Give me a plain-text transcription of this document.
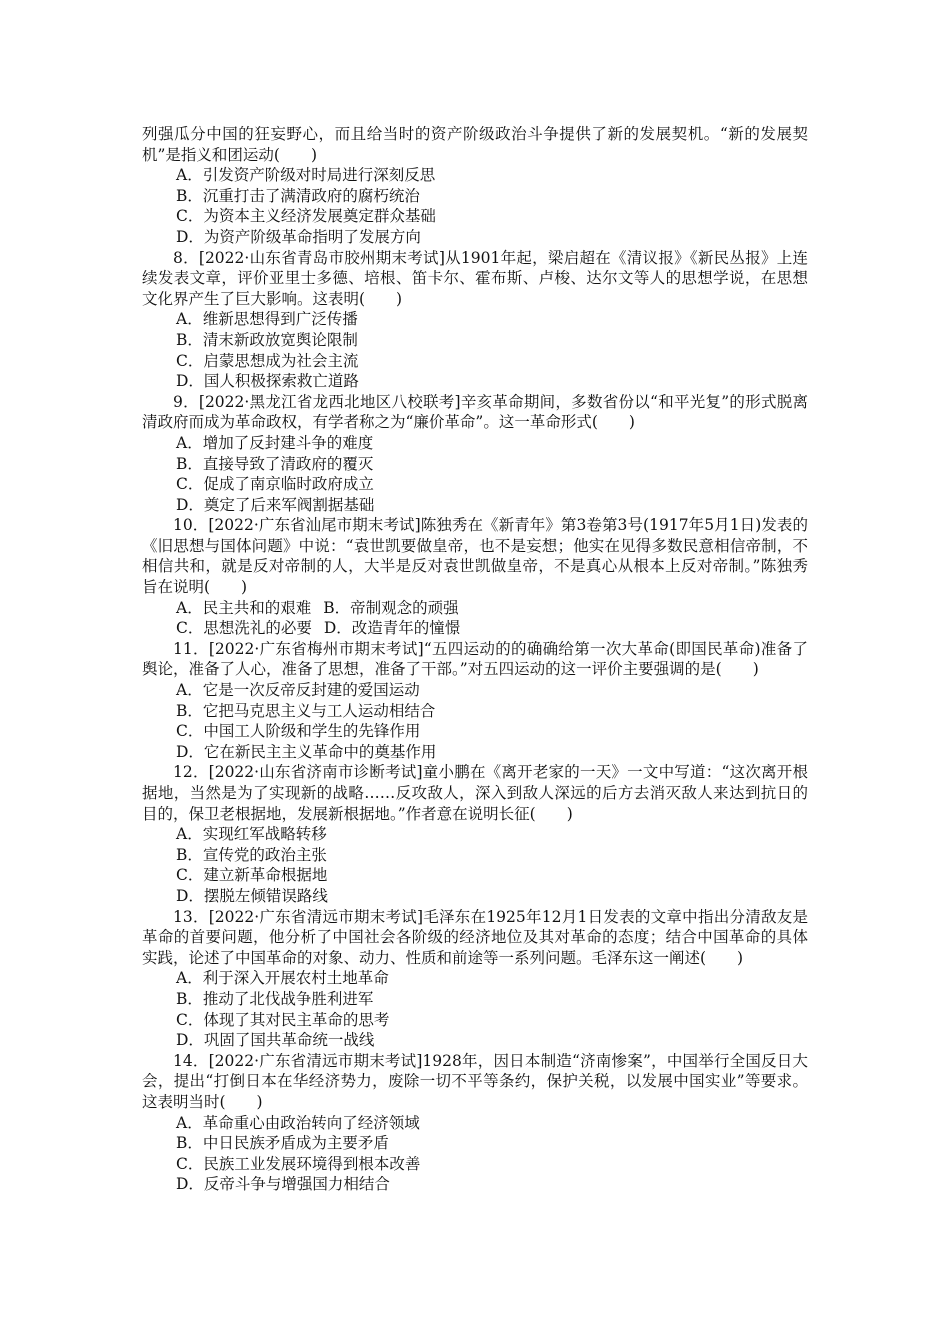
列强瓜分中国的狂妄野心，而且给当时的资产阶级政治斗争提供了新的发展契机。“新的发展契机”是指义和团运动(　　)

A．引发资产阶级对时局进行深刻反思

B．沉重打击了满清政府的腐朽统治

C．为资本主义经济发展奠定群众基础

D．为资产阶级革命指明了发展方向

8．[2022·山东省青岛市胶州期末考试]从1901年起，梁启超在《清议报》《新民丛报》上连续发表文章，评价亚里士多德、培根、笛卡尔、霍布斯、卢梭、达尔文等人的思想学说，在思想文化界产生了巨大影响。这表明(　　)

A．维新思想得到广泛传播

B．清末新政放宽舆论限制

C．启蒙思想成为社会主流

D．国人积极探索救亡道路

9．[2022·黑龙江省龙西北地区八校联考]辛亥革命期间，多数省份以“和平光复”的形式脱离清政府而成为革命政权，有学者称之为“廉价革命”。这一革命形式(　　)

A．增加了反封建斗争的难度

B．直接导致了清政府的覆灭

C．促成了南京临时政府成立

D．奠定了后来军阀割据基础

10．[2022·广东省汕尾市期末考试]陈独秀在《新青年》第3卷第3号(1917年5月1日)发表的《旧思想与国体问题》中说：“袁世凯要做皇帝，也不是妄想；他实在见得多数民意相信帝制，不相信共和，就是反对帝制的人，大半是反对袁世凯做皇帝，不是真心从根本上反对帝制。”陈独秀旨在说明(　　)

A．民主共和的艰难 B．帝制观念的顽强

C．思想洗礼的必要 D．改造青年的憧憬

11．[2022·广东省梅州市期末考试]“五四运动的的确确给第一次大革命(即国民革命)准备了舆论，准备了人心，准备了思想，准备了干部。”对五四运动的这一评价主要强调的是(　　)

A．它是一次反帝反封建的爱国运动

B．它把马克思主义与工人运动相结合

C．中国工人阶级和学生的先锋作用

D．它在新民主主义革命中的奠基作用

12．[2022·山东省济南市诊断考试]童小鹏在《离开老家的一天》一文中写道：“这次离开根据地，当然是为了实现新的战略……反攻敌人，深入到敌人深远的后方去消灭敌人来达到抗日的目的，保卫老根据地，发展新根据地。”作者意在说明长征(　　)

A．实现红军战略转移

B．宣传党的政治主张

C．建立新革命根据地

D．摆脱左倾错误路线

13．[2022·广东省清远市期末考试]毛泽东在1925年12月1日发表的文章中指出分清敌友是革命的首要问题，他分析了中国社会各阶级的经济地位及其对革命的态度；结合中国革命的具体实践，论述了中国革命的对象、动力、性质和前途等一系列问题。毛泽东这一阐述(　　)

A．利于深入开展农村土地革命

B．推动了北伐战争胜利进军

C．体现了其对民主革命的思考

D．巩固了国共革命统一战线

14．[2022·广东省清远市期末考试]1928年，因日本制造“济南惨案”，中国举行全国反日大会，提出“打倒日本在华经济势力，废除一切不平等条约，保护关税，以发展中国实业”等要求。这表明当时(　　)

A．革命重心由政治转向了经济领域

B．中日民族矛盾成为主要矛盾

C．民族工业发展环境得到根本改善

D．反帝斗争与增强国力相结合
